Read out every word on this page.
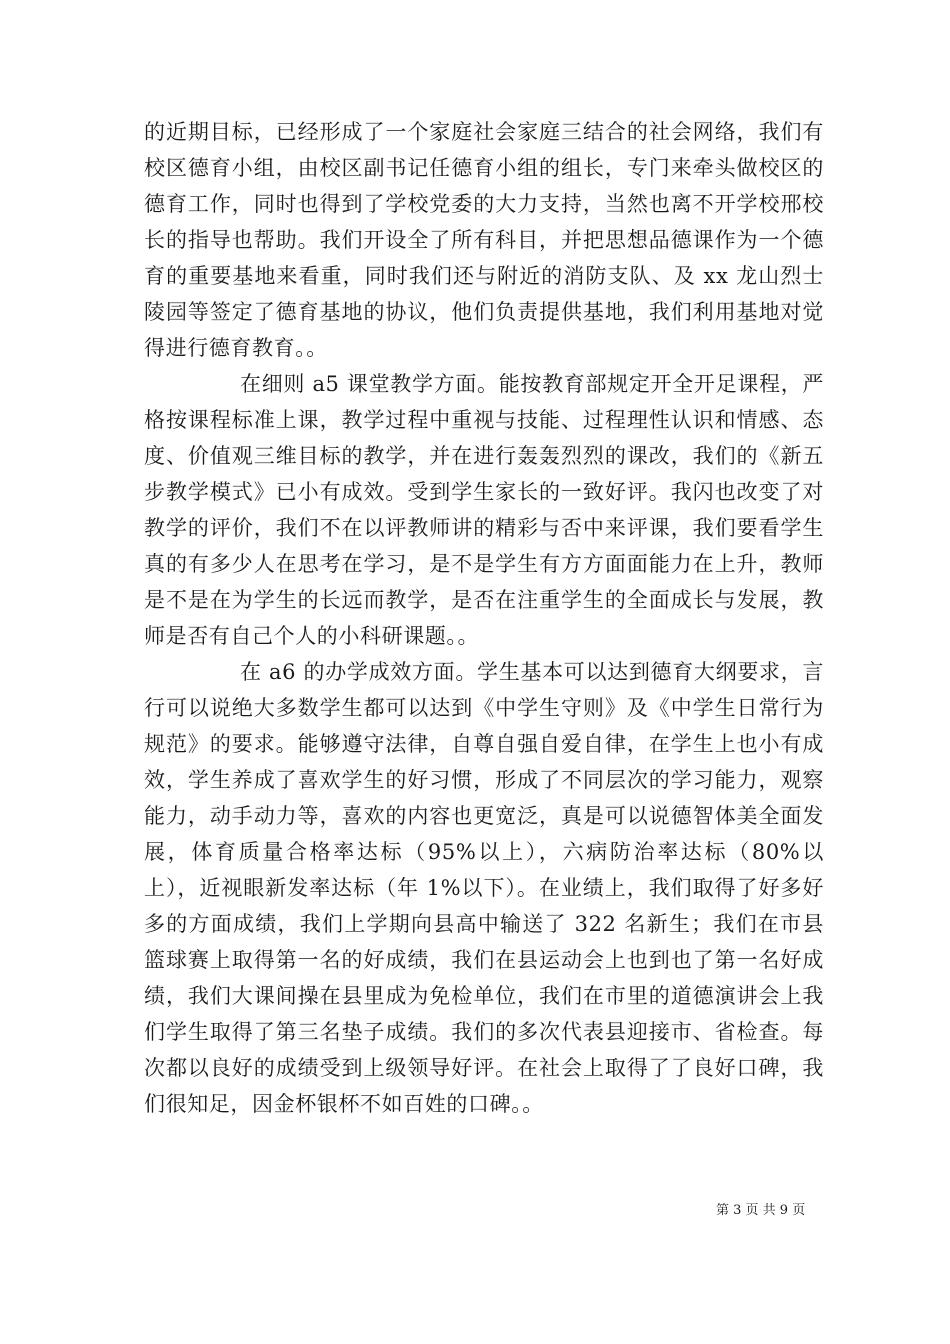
的近期目标，已经形成了一个家庭社会家庭三结合的社会网络，我们有校区德育小组，由校区副书记任德育小组的组长，专门来牵头做校区的德育工作，同时也得到了学校党委的大力支持，当然也离不开学校邢校长的指导也帮助。我们开设全了所有科目，并把思想品德课作为一个德育的重要基地来看重，同时我们还与附近的消防支队、及 xx 龙山烈士陵园等签定了德育基地的协议，他们负责提供基地，我们利用基地对觉得进行德育教育。。

在细则 a5 课堂教学方面。能按教育部规定开全开足课程，严格按课程标准上课，教学过程中重视与技能、过程理性认识和情感、态度、价值观三维目标的教学，并在进行轰轰烈烈的课改，我们的《新五步教学模式》已小有成效。受到学生家长的一致好评。我闪也改变了对教学的评价，我们不在以评教师讲的精彩与否中来评课，我们要看学生真的有多少人在思考在学习，是不是学生有方方面面能力在上升，教师是不是在为学生的长远而教学，是否在注重学生的全面成长与发展，教师是否有自己个人的小科研课题。。

在 a6 的办学成效方面。学生基本可以达到德育大纲要求，言行可以说绝大多数学生都可以达到《中学生守则》及《中学生日常行为规范》的要求。能够遵守法律，自尊自强自爱自律，在学生上也小有成效，学生养成了喜欢学生的好习惯，形成了不同层次的学习能力，观察能力，动手动力等，喜欢的内容也更宽泛，真是可以说德智体美全面发展，体育质量合格率达标（95%以上），六病防治率达标（80%以上），近视眼新发率达标（年 1%以下）。在业绩上，我们取得了好多好多的方面成绩，我们上学期向县高中输送了 322 名新生；我们在市县篮球赛上取得第一名的好成绩，我们在县运动会上也到也了第一名好成绩，我们大课间操在县里成为免检单位，我们在市里的道德演讲会上我们学生取得了第三名垫子成绩。我们的多次代表县迎接市、省检查。每次都以良好的成绩受到上级领导好评。在社会上取得了了良好口碑，我们很知足，因金杯银杯不如百姓的口碑。。

第 3 页 共 9 页
